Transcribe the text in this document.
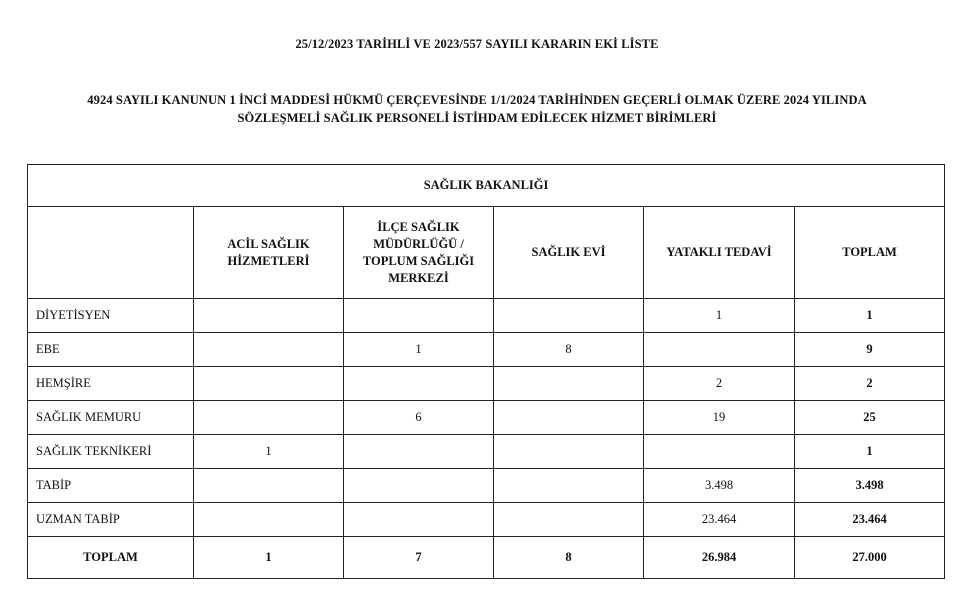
25/12/2023 TARİHLİ VE 2023/557 SAYILI KARARIN EKİ LİSTE
4924 SAYILI KANUNUN 1 İNCİ MADDESİ HÜKMÜ ÇERÇEVESİNDE 1/1/2024 TARİHİNDEN GEÇERLİ OLMAK ÜZERE 2024 YILINDA
SÖZLEŞMELİ SAĞLIK PERSONELİ İSTİHDAM EDİLECEK HİZMET BİRİMLERİ
SAĞLIK BAKANLIĞI					

	ACİL SAĞLIK HİZMETLERİ	İLÇE SAĞLIK MÜDÜRLÜĞÜ / TOPLUM SAĞLIĞI MERKEZİ	SAĞLIK EVİ	YATAKLI TEDAVİ	TOPLAM
DİYETİSYEN				1	1
EBE		1	8		9
HEMŞİRE				2	2
SAĞLIK MEMURU		6		19	25
SAĞLIK TEKNİKERİ	1				1
TABİP				3.498	3.498
UZMAN TABİP				23.464	23.464
TOPLAM	1	7	8	26.984	27.000
